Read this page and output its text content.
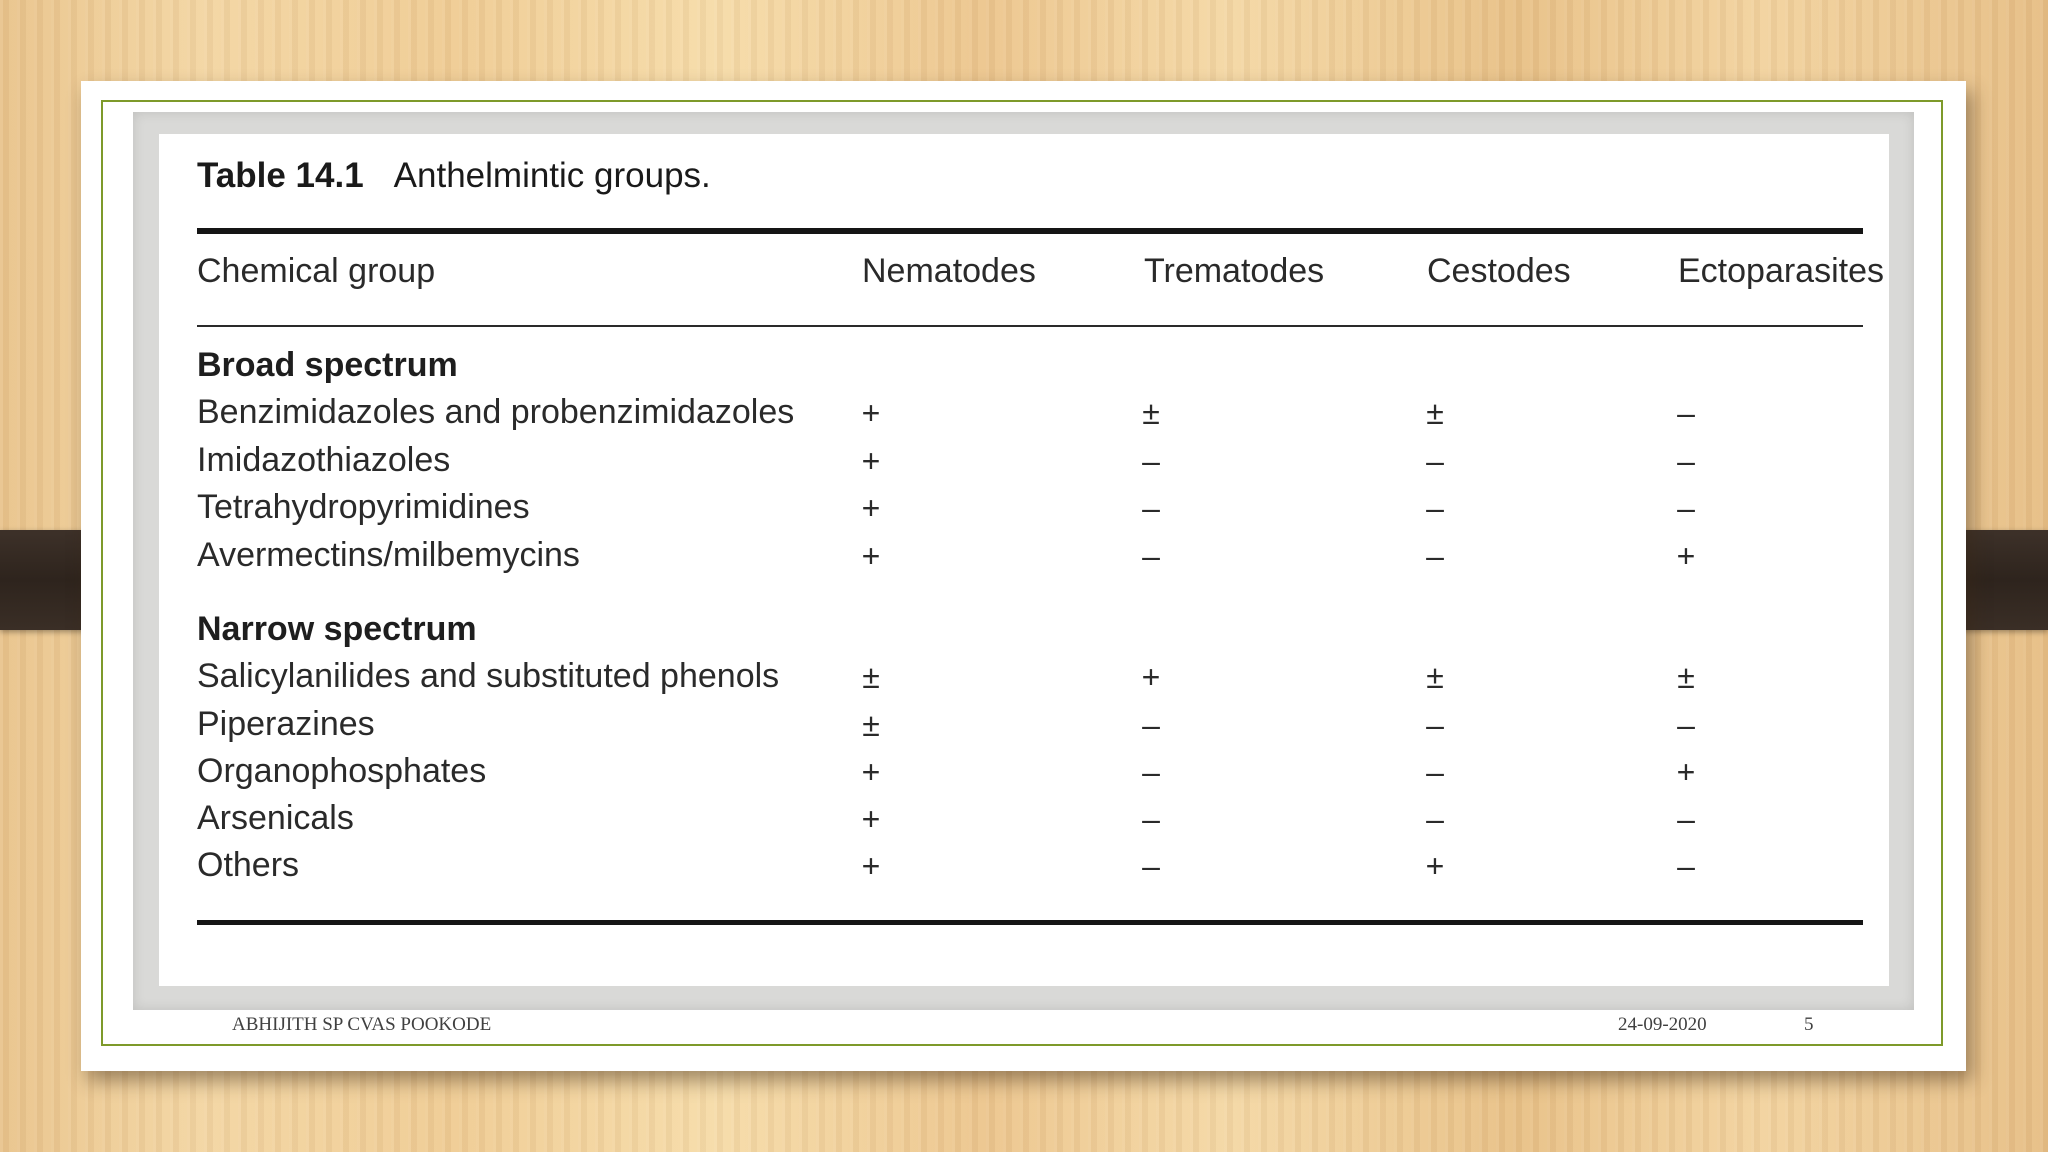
Table 14.1 Anthelmintic groups.
Chemical group	Nematodes	Trematodes	Cestodes	Ectoparasites
Broad spectrum
Benzimidazoles and probenzimidazoles +	±	±	–
Imidazothiazoles	+	–	–	–
Tetrahydropyrimidines	+	–	–	–
Avermectins/milbemycins	+	–	–	+
Narrow spectrum
Salicylanilides and substituted phenols	±	+	±	±
Piperazines	±	–	–	–
Organophosphates	+	–	–	+
Arsenicals	+	–	–	–
Others	+	–	+	–
ABHIJITH SP CVAS POOKODE	24-09-2020	5
